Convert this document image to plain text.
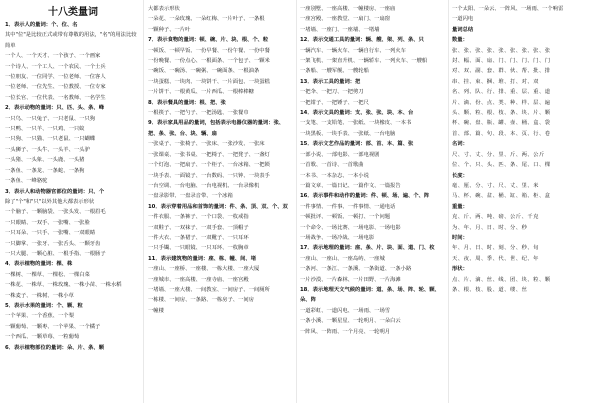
十八类量词
1．表示人的量词：个、位、名
其中"位"是比较正式或带有尊敬的用法，"名"的用法比较简单
一个人、一个天才、一个孩子、一个画家
一个诗人、一个工人、一个农民、一个士兵
一位朋友、一位同学、一位老师、一位客人
一位老师、一位先生、一位教授、一位专家
一位长官、一位代表、一名教师、一名学生
2．表示动物的量词：只、匹、头、条、峰
一只鸟、一只兔子、一只老鼠、一只狗
一只鸭、一只羊、一只鸡、一只蚊
一只狗、一只猫、一只老鼠、一只蝴蝶
一头狮子、一头牛、一头羊、一头驴
一头猪、一头象、一头鹿、一头猪
一条鱼、一条龙、一条蛇、一条狗
一条鱼、一峰骆驼
3．表示人和动物器官部位的量词：只、个
除了"个"和"只"以外其他大都表示形状
一个脑子、一颗脑袋、一张头发、一根眉毛
一只眼睛、一双手、一张嘴、一张脸
一只耳朵、一只手、一张嘴、一双眼睛
一只脚掌、一张牙、一张舌头、一颗牙齿
一只大腿、一颗心脏、一根手指、一根肠子
4．表示植物的量词：棵、株
一棵树、一棵草、一棵松、一棵白菜
一株花、一株草、一株玫瑰、一株小苗、一株水稻
一株麦子、一株树、一株小草
5．表示水果的量词：个、颗、粒
一个苹果、一个香蕉、一个梨
一颗葡萄、一颗枣、一个苹果、一个橘子
一个西瓜、一颗草莓、一粒葡萄
6．表示植物部位的量词：朵、片、条、颗
大都表示形状
一朵花、一朵玫瑰、一朵红梅、一片叶子、一条根
一颗种子、一片叶
7．表示食物的量词：顿、碗、片、块、根、个、粒
一顿饭、一顿早饭、一份早餐、一份午餐、一份中餐
一份晚餐、一份点心、一根面条、一个包子、一颗米
一碗饭、一碗汤、一碗粥、一碗面条、一根油条
一块蛋糕、一块肉、一块饼干、一片面包、一块蛋糕
一片饼干、一根黄瓜、一片西瓜、一根棒棒糖
8．表示餐具的量词：根、把、张
一根筷子、一把勺子、一把汤匙、一张餐巾
9．表示家具用品的量词，包括表示电器仪器的量词：张、把、条、张、台、块、辆、扇
一张桌子、一张椅子、一张床、一张沙发、一张床
一张课桌、一张书桌、一把椅子、一把凳子、一盏灯
一个灯泡、一把扇子、一个柜子、一台冰箱、一把锁
一块手表、一面镜子、一台数码、一只钟、一块表手
一台空调、一台电脑、一台电视机、一台录像机
一盘录影带、一盘录音带、一个冰箱
10．表示穿着用品和首饰的量词：件、条、顶、双、个、双
一件衣服、一条裤子、一个口袋、一枚戒指
一双鞋子、一双袜子、一双手套、一顶帽子
一件大衣、一条裙子、一双靴子、一只耳环
一只手镯、一只眼镜、一只耳环、一枚胸章
11．表示建筑物的量词：座、栋、幢、间、堵
一座山、一座桥、一座楼、一栋大楼、一座大厦
一座城市、一座高楼、一座寺庙、一座宫殿
一堵墙、一座大楼、一间教室、一间房子、一间厕所
一栋楼、一间房、一条路、一栋房子、一间房
一幢楼
一座别墅、一座高楼、一幢楼房、一座庙
一座宫殿、一座教堂、一扇门、一扇窗
一堵墙、一座门、一座墙、一堵墙
12．表示交通工具的量词：辆、艘、架、列、条、只
一辆汽车、一辆火车、一辆自行车、一列火车
一架飞机、一架直升机、一辆轿车、一列火车、一艘船
一条船、一艘军舰、一艘轮船
13．表示工具的量词：把
一把伞、一把刀、一把剪刀
一把钳子、一把锤子、一把尺
14．表示文具的量词：支、张、张、块、本、台
一支笔、一支铅笔、一张纸、一块橡皮、一本书
一块黑板、一块手表、一张纸、一台电脑
15．表示文艺作品的量词：部、首、本、篇、张
一部小说、一部电影、一部电视剧
一首歌、一首诗、一首歌曲
一本书、一本杂志、一本小说
一篇文章、一篇日记、一篇作文、一篇报告
16．表示事件和动作的量词：件、顿、场、遍、个、阵
一件事情、一件事、一件事情、一通电话
一顿批评、一顿饭、一顿打、一个问题
一个命令、一场比赛、一场电影、一场电影
一场战争、一场冷战、一场电影
17．表示地理的量词：座、条、片、块、面、道、门、枚
一座山、一座山、一座岛屿、一座城
一条河、一条江、一条溪、一条街道、一条小路
一片沙漠、一片森林、一片田野、一片海滩
18．表示地理天文气候的量词：道、条、场、阵、轮、颗、朵、阵
一道彩虹、一道闪电、一场雨、一场雪
一条小溪、一颗星星、一轮明月、一朵白云
一阵风、一阵雨、一个月亮、一轮明月
一个太阳、一朵云、一阵风、一场雨、一个响雷
一道闪电
量词总结
数量：
张、张、张、张、张、张、张、张、张
封、幅、面、扇、门、门、门、门、门
对、双、副、套、群、伙、帮、批、排
串、挂、束、捆、堆、打、对、双
名、列、队、行、排、重、层、重、道
片、滴、份、点、类、种、样、层、遍
头、颗、粒、根、枝、条、块、片、颗
杯、碗、盘、瓶、罐、壶、桶、盒、袋
首、部、篇、句、段、本、页、行、卷
名词：
尺、寸、丈、分、里、斤、两、公斤
位、个、只、头、匹、条、尾、口、棵
长度：
毫、厘、分、寸、尺、丈、里、米
马、杯、碗、盆、桶、缸、箱、柜、盒
重量：
克、斤、两、吨、磅、公斤、千克
为、年、月、日、时、分、秒
时间：
年、月、日、时、刻、分、秒、旬
天、夜、周、季、代、世、纪、年
形状：
点、片、滴、丝、线、团、块、粒、颗
条、根、枝、股、道、缕、丝
